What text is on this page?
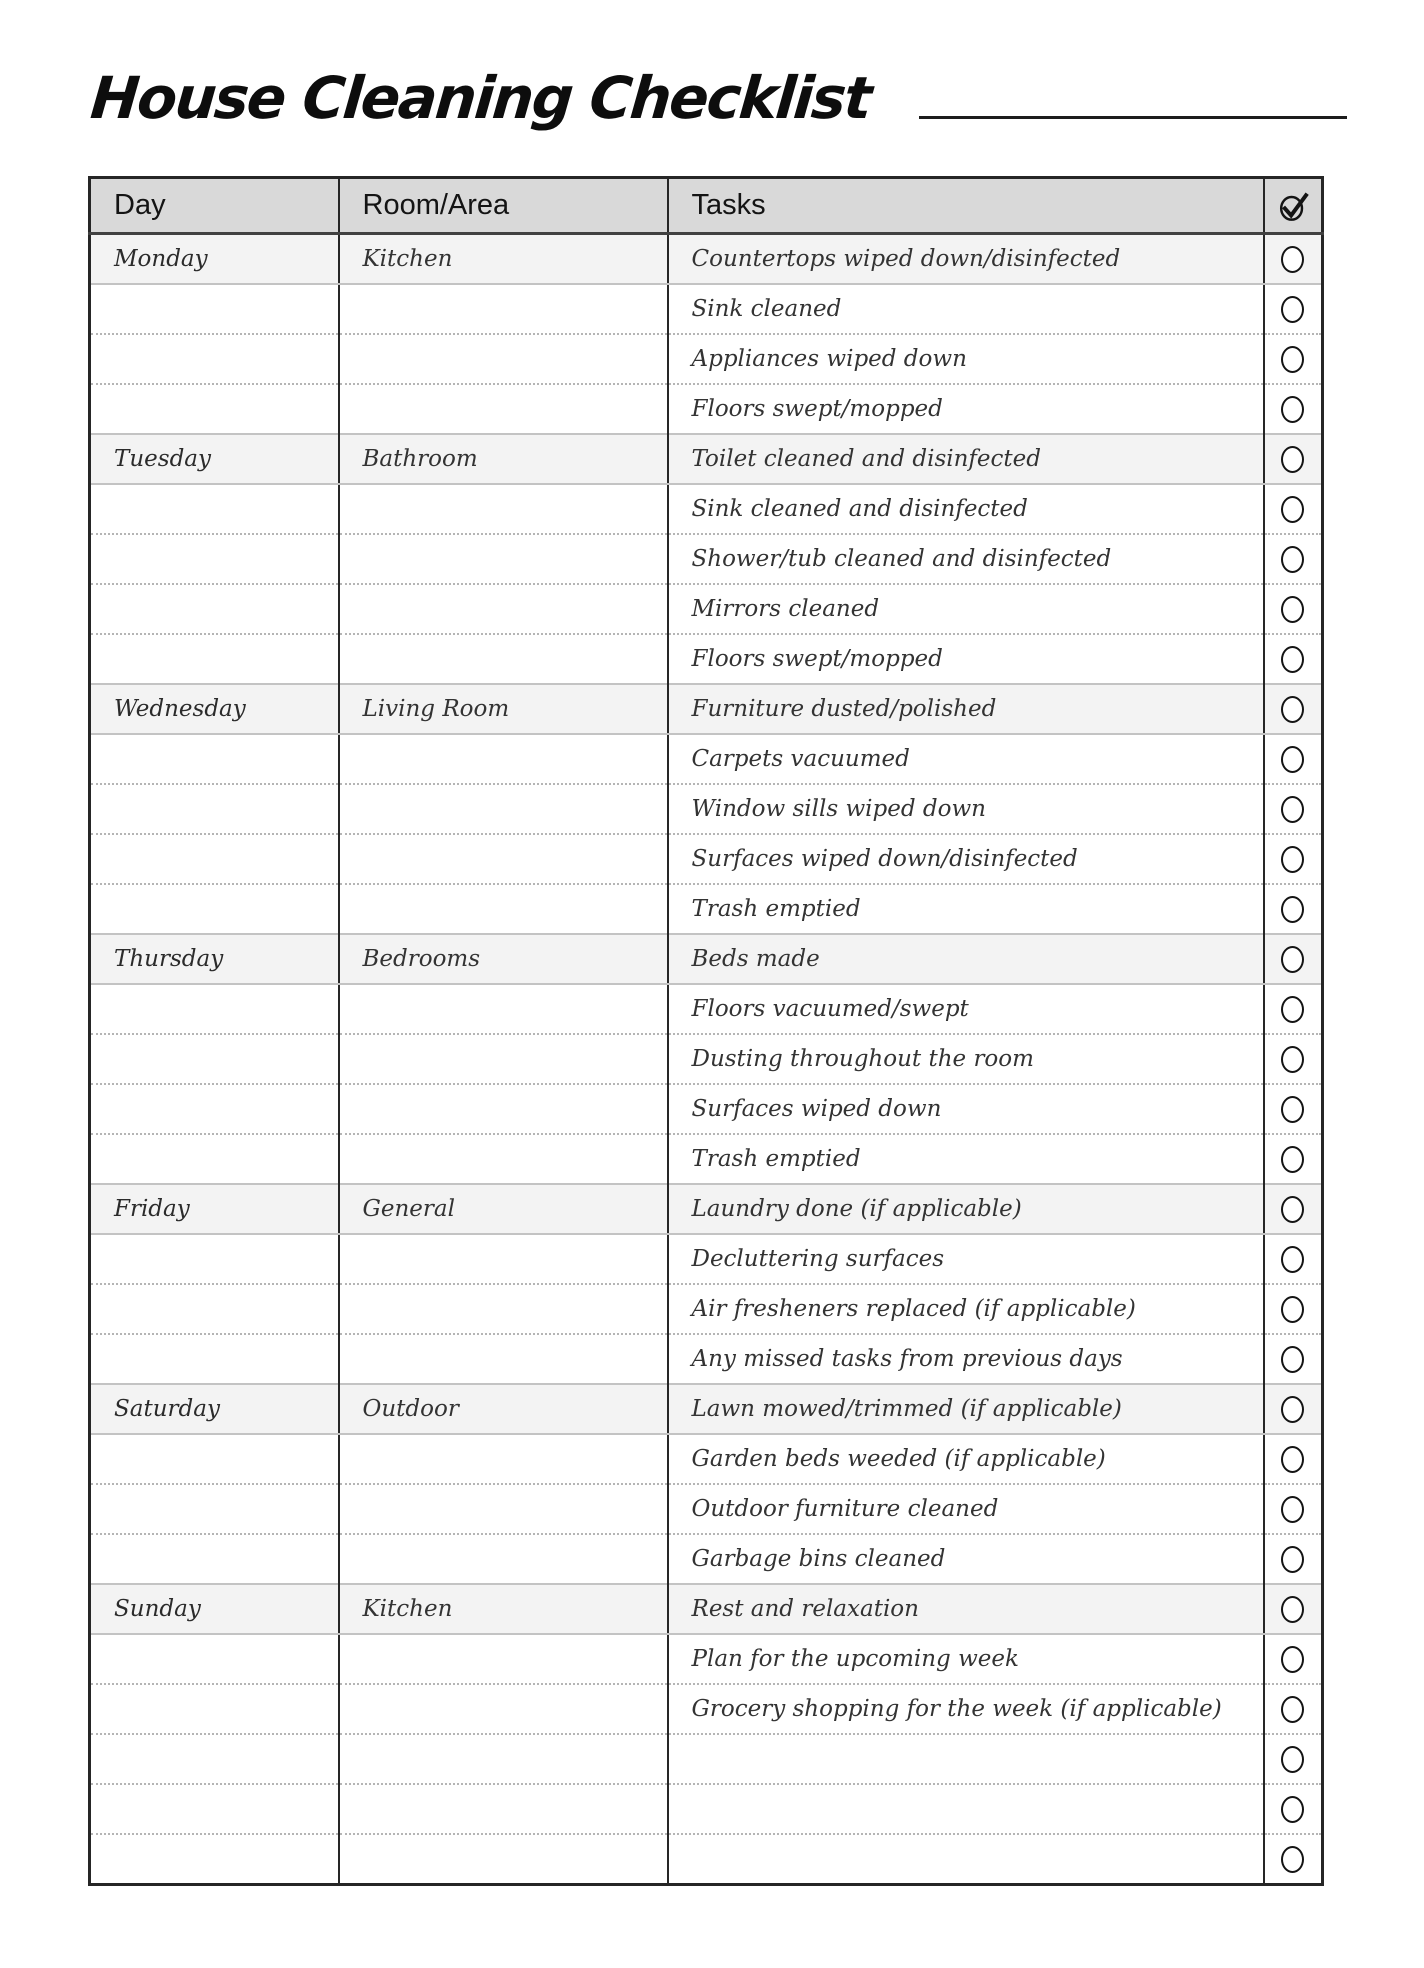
House Cleaning Checklist
Day	Room/Area	Tasks	
Monday	Kitchen	Countertops wiped down/disinfected	
		Sink cleaned	
		Appliances wiped down	
		Floors swept/mopped	
Tuesday	Bathroom	Toilet cleaned and disinfected	
		Sink cleaned and disinfected	
		Shower/tub cleaned and disinfected	
		Mirrors cleaned	
		Floors swept/mopped	
Wednesday	Living Room	Furniture dusted/polished	
		Carpets vacuumed	
		Window sills wiped down	
		Surfaces wiped down/disinfected	
		Trash emptied	
Thursday	Bedrooms	Beds made	
		Floors vacuumed/swept	
		Dusting throughout the room	
		Surfaces wiped down	
		Trash emptied	
Friday	General	Laundry done (if applicable)	
		Decluttering surfaces	
		Air fresheners replaced (if applicable)	
		Any missed tasks from previous days	
Saturday	Outdoor	Lawn mowed/trimmed (if applicable)	
		Garden beds weeded (if applicable)	
		Outdoor furniture cleaned	
		Garbage bins cleaned	
Sunday	Kitchen	Rest and relaxation	
		Plan for the upcoming week	
		Grocery shopping for the week (if applicable)	
